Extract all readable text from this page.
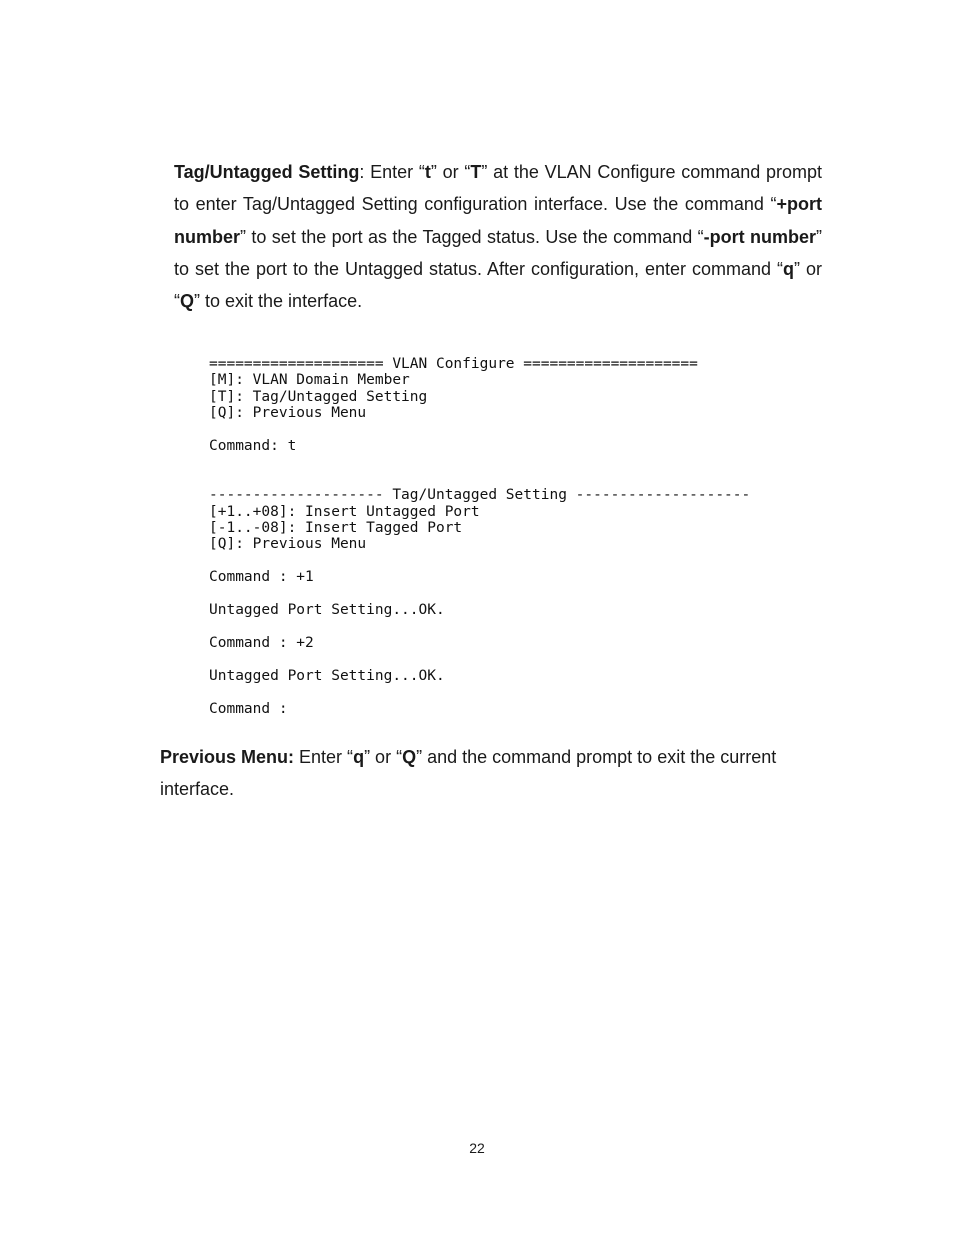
Tag/Untagged Setting: Enter “t” or “T” at the VLAN Configure command prompt to enter Tag/Untagged Setting configuration interface. Use the command “+port number” to set the port as the Tagged status. Use the command “-port number” to set the port to the Untagged status. After configuration, enter command “q” or “Q” to exit the interface.
==================== VLAN Configure ====================
[M]: VLAN Domain Member
[T]: Tag/Untagged Setting
[Q]: Previous Menu

Command: t

-------------------- Tag/Untagged Setting --------------------
[+1..+08]: Insert Untagged Port
[-1..-08]: Insert Tagged Port
[Q]: Previous Menu

Command : +1

Untagged Port Setting...OK.

Command : +2

Untagged Port Setting...OK.

Command :
Previous Menu: Enter “q” or “Q” and the command prompt to exit the current interface.
22
